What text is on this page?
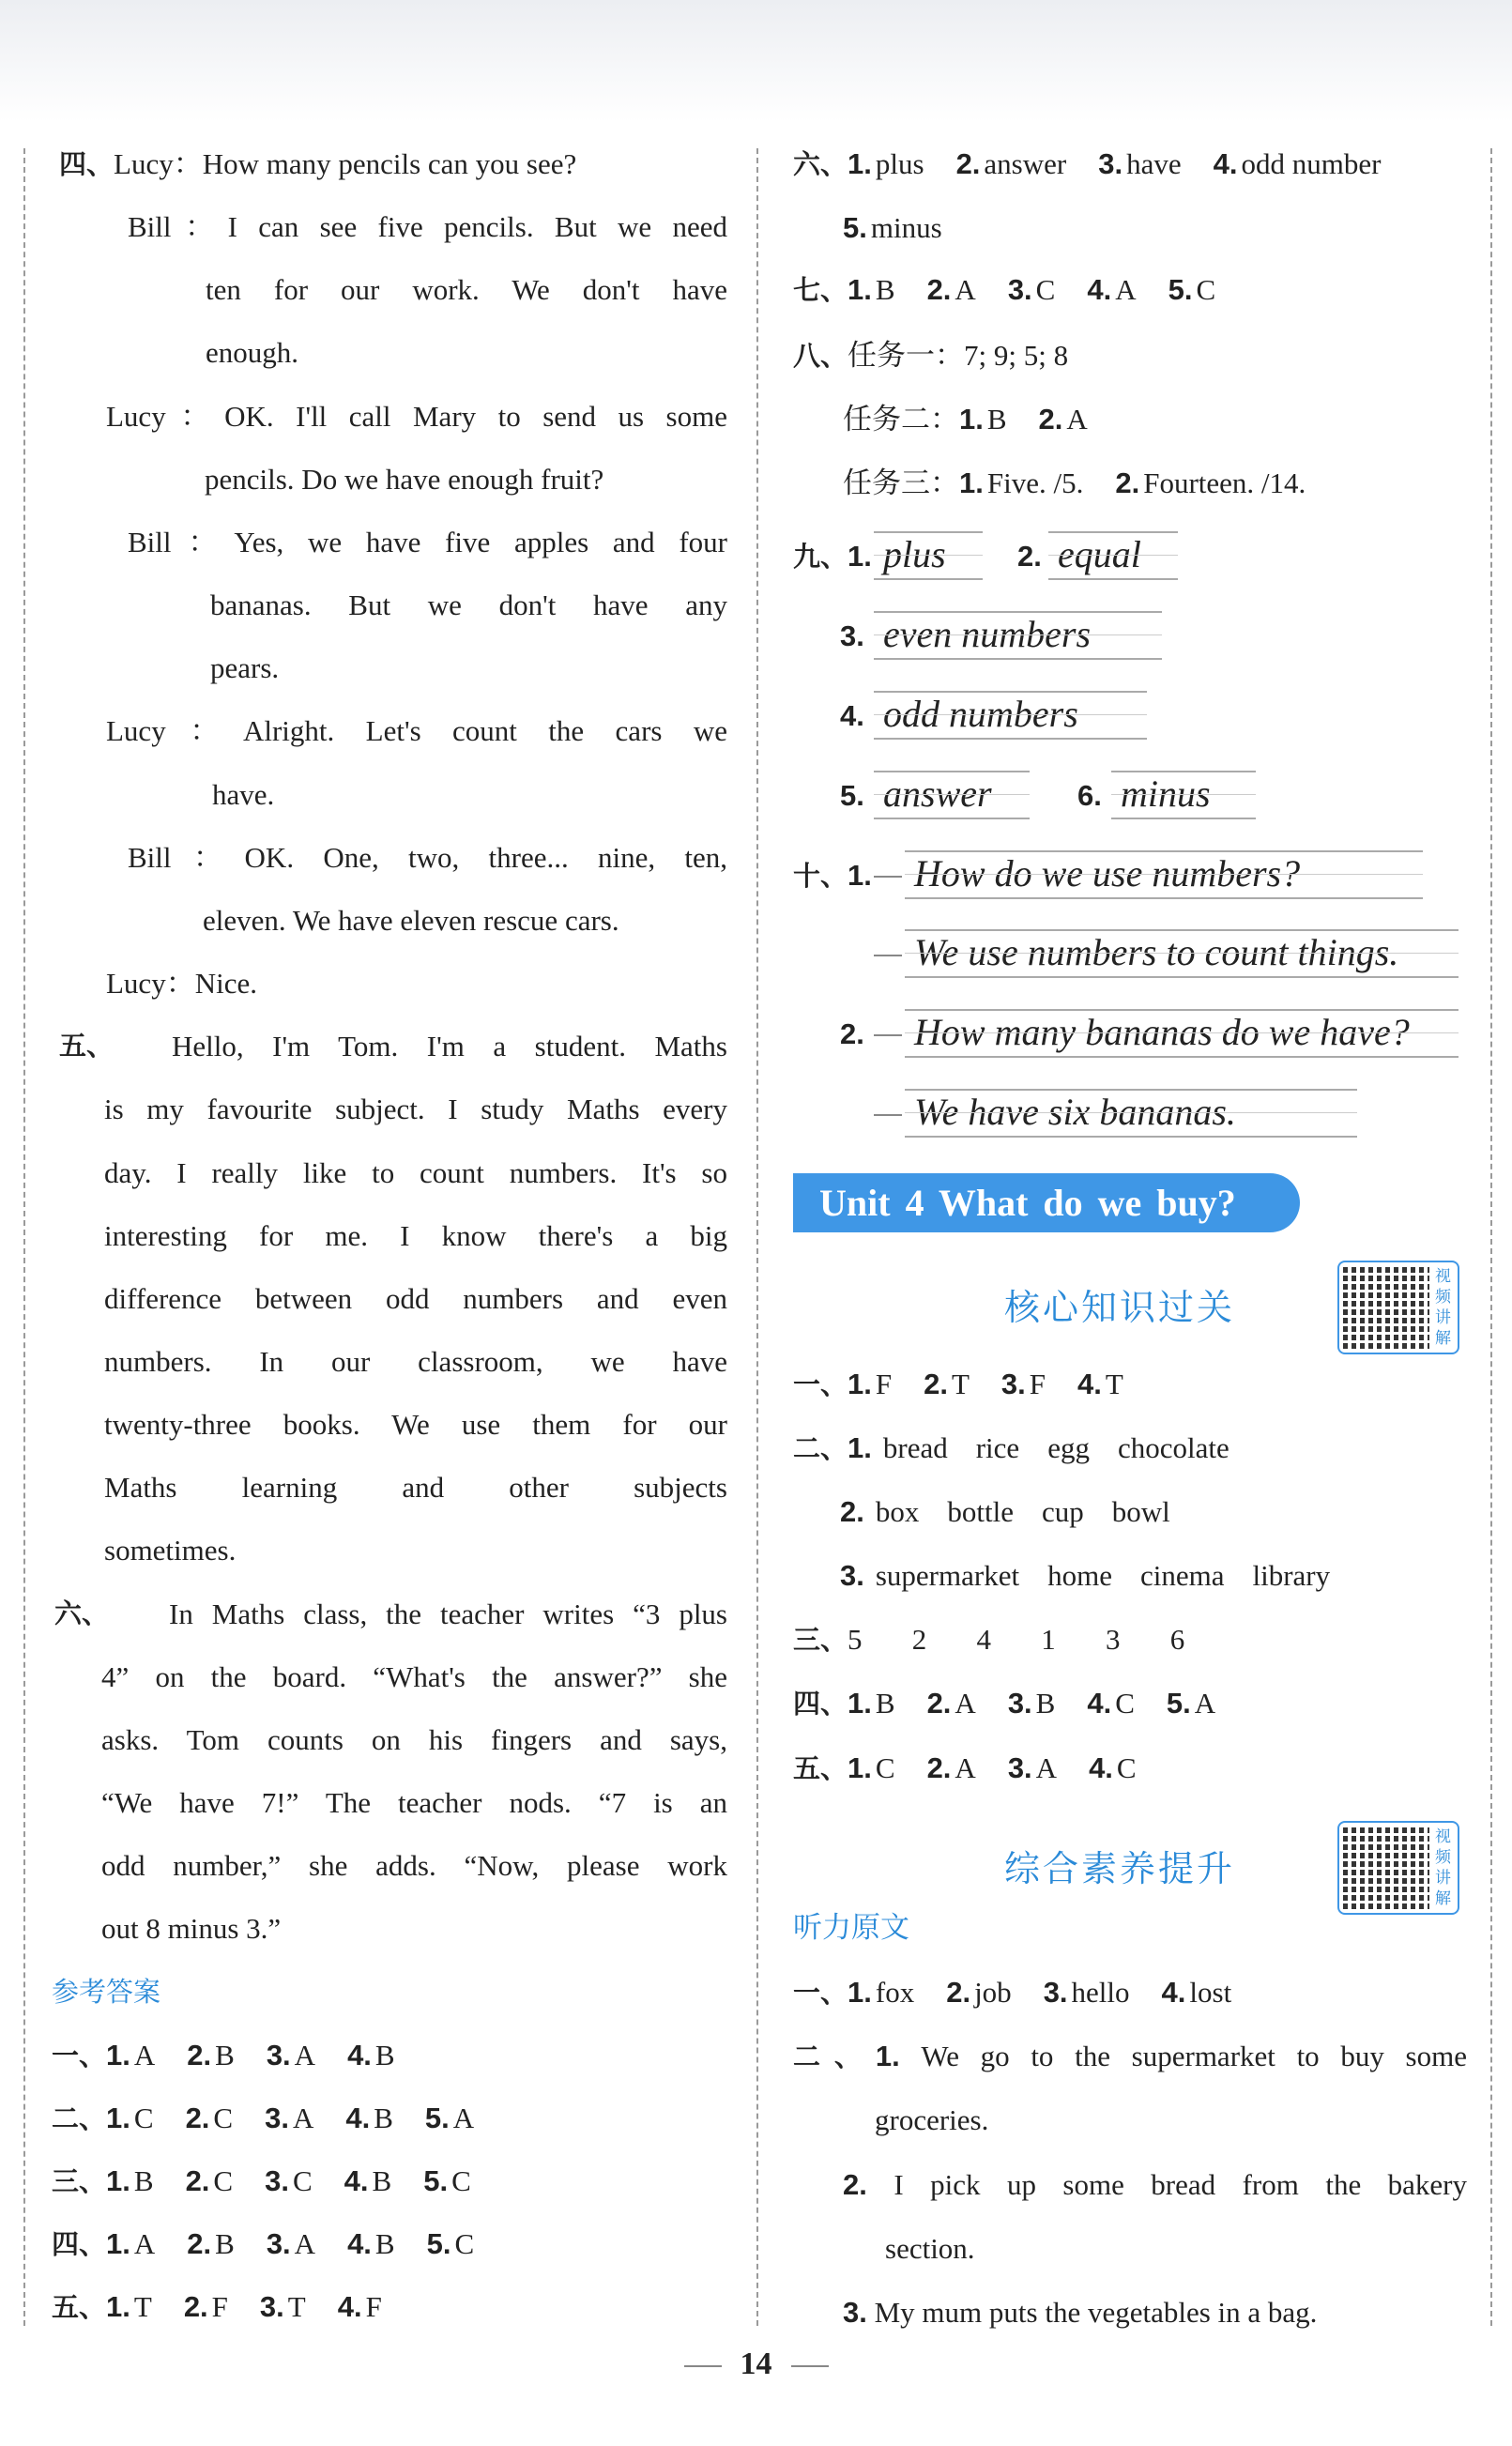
四、Lucy：How many pencils can you see?
Bill：I can see five pencils. But we need
ten for our work. We don't have
enough.
Lucy：OK. I'll call Mary to send us some
pencils. Do we have enough fruit?
Bill：Yes, we have five apples and four
bananas. But we don't have any
pears.
Lucy：Alright. Let's count the cars we
have.
Bill：OK. One, two, three... nine, ten,
eleven. We have eleven rescue cars.
Lucy：Nice.
五、 Hello, I'm Tom. I'm a student. Maths
is my favourite subject. I study Maths every
day. I really like to count numbers. It's so
interesting for me. I know there's a big
difference between odd numbers and even
numbers. In our classroom, we have
twenty-three books. We use them for our
Maths learning and other subjects
sometimes.
六、 In Maths class, the teacher writes “3 plus
4” on the board. “What's the answer?” she
asks. Tom counts on his fingers and says,
“We have 7!” The teacher nods. “7 is an
odd number,” she adds. “Now, please work
out 8 minus 3.”
参考答案
一、1. A 2. B 3. A 4. B
二、1. C 2. C 3. A 4. B 5. A
三、1. B 2. C 3. C 4. B 5. C
四、1. A 2. B 3. A 4. B 5. C
五、1. T 2. F 3. T 4. F
六、1. plus 2. answer 3. have 4. odd number
5. minus
七、1. B 2. A 3. C 4. A 5. C
八、任务一：7; 9; 5; 8
任务二：1. B 2. A
任务三：1. Five. /5. 2. Fourteen. /14.
九、1. plus	2. equal
3. even numbers
4. odd numbers
5. answer	6. minus
十、1. How do we use numbers?
We use numbers to count things.
2. How many bananas do we have?
We have six bananas.
Unit 4 What do we buy?
核心知识过关
视频讲解
一、1. F 2. T 3. F 4. T
二、1. bread rice egg chocolate
2. box bottle cup bowl
3. supermarket home cinema library
三、5   2   4   1   3   6
四、1. B 2. A 3. B 4. C 5. A
五、1. C 2. A 3. A 4. C
综合素养提升
视频讲解
听力原文
一、1. fox 2. job 3. hello 4. lost
二、1. We go to the supermarket to buy some
groceries.
2. I pick up some bread from the bakery
section.
3. My mum puts the vegetables in a bag.
14
